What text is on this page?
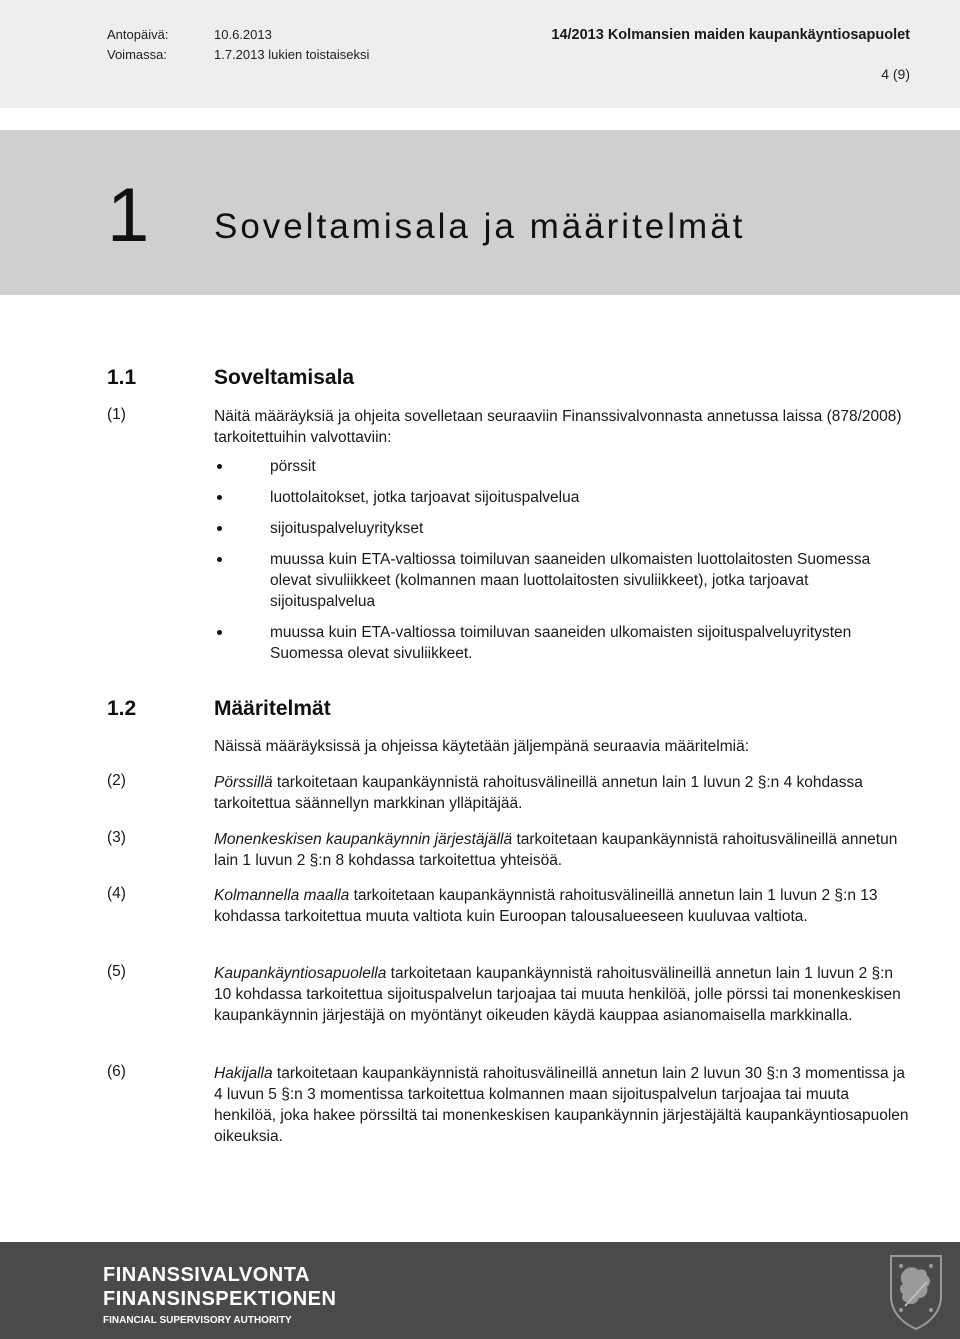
Antopäivä:	10.6.2013
Voimassa:	1.7.2013 lukien toistaiseksi
14/2013 Kolmansien maiden kaupankäyntiosapuolet
4 (9)
1 Soveltamisala ja määritelmät
1.1	Soveltamisala
(1)	Näitä määräyksiä ja ohjeita sovelletaan seuraaviin Finanssivalvonnasta annetussa laissa (878/2008) tarkoitettuihin valvottaviin:
pörssit
luottolaitokset, jotka tarjoavat sijoituspalvelua
sijoituspalveluyritykset
muussa kuin ETA-valtiossa toimiluvan saaneiden ulkomaisten luottolaitosten Suomessa olevat sivuliikkeet (kolmannen maan luottolaitosten sivuliikkeet), jotka tarjoavat sijoituspalvelua
muussa kuin ETA-valtiossa toimiluvan saaneiden ulkomaisten sijoituspalveluyritysten Suomessa olevat sivuliikkeet.
1.2	Määritelmät
Näissä määräyksissä ja ohjeissa käytetään jäljempänä seuraavia määritelmiä:
(2)	Pörssillä tarkoitetaan kaupankäynnistä rahoitusvälineillä annetun lain 1 luvun 2 §:n 4 kohdassa tarkoitettua säännellyn markkinan ylläpitäjää.
(3)	Monenkeskisen kaupankäynnin järjestäjällä tarkoitetaan kaupankäynnistä rahoitusvälineillä annetun lain 1 luvun 2 §:n 8 kohdassa tarkoitettua yhteisöä.
(4)	Kolmannella maalla tarkoitetaan kaupankäynnistä rahoitusvälineillä annetun lain 1 luvun 2 §:n 13 kohdassa tarkoitettua muuta valtiota kuin Euroopan talousalueeseen kuuluvaa valtiota.
(5)	Kaupankäyntiosapuolella tarkoitetaan kaupankäynnistä rahoitusvälineillä annetun lain 1 luvun 2 §:n 10 kohdassa tarkoitettua sijoituspalvelun tarjoajaa tai muuta henkilöä, jolle pörssi tai monenkeskisen kaupankäynnin järjestäjä on myöntänyt oikeuden käydä kauppaa asianomaisella markkinalla.
(6)	Hakijalla tarkoitetaan kaupankäynnistä rahoitusvälineillä annetun lain 2 luvun 30 §:n 3 momentissa ja 4 luvun 5 §:n 3 momentissa tarkoitettua kolmannen maan sijoituspalvelun tarjoajaa tai muuta henkilöä, joka hakee pörssiltä tai monenkeskisen kaupankäynnin järjestäjältä kaupankäyntiosapuolen oikeuksia.
FINANSSIVALVONTA
FINANSINSPEKTIONEN
FINANCIAL SUPERVISORY AUTHORITY
